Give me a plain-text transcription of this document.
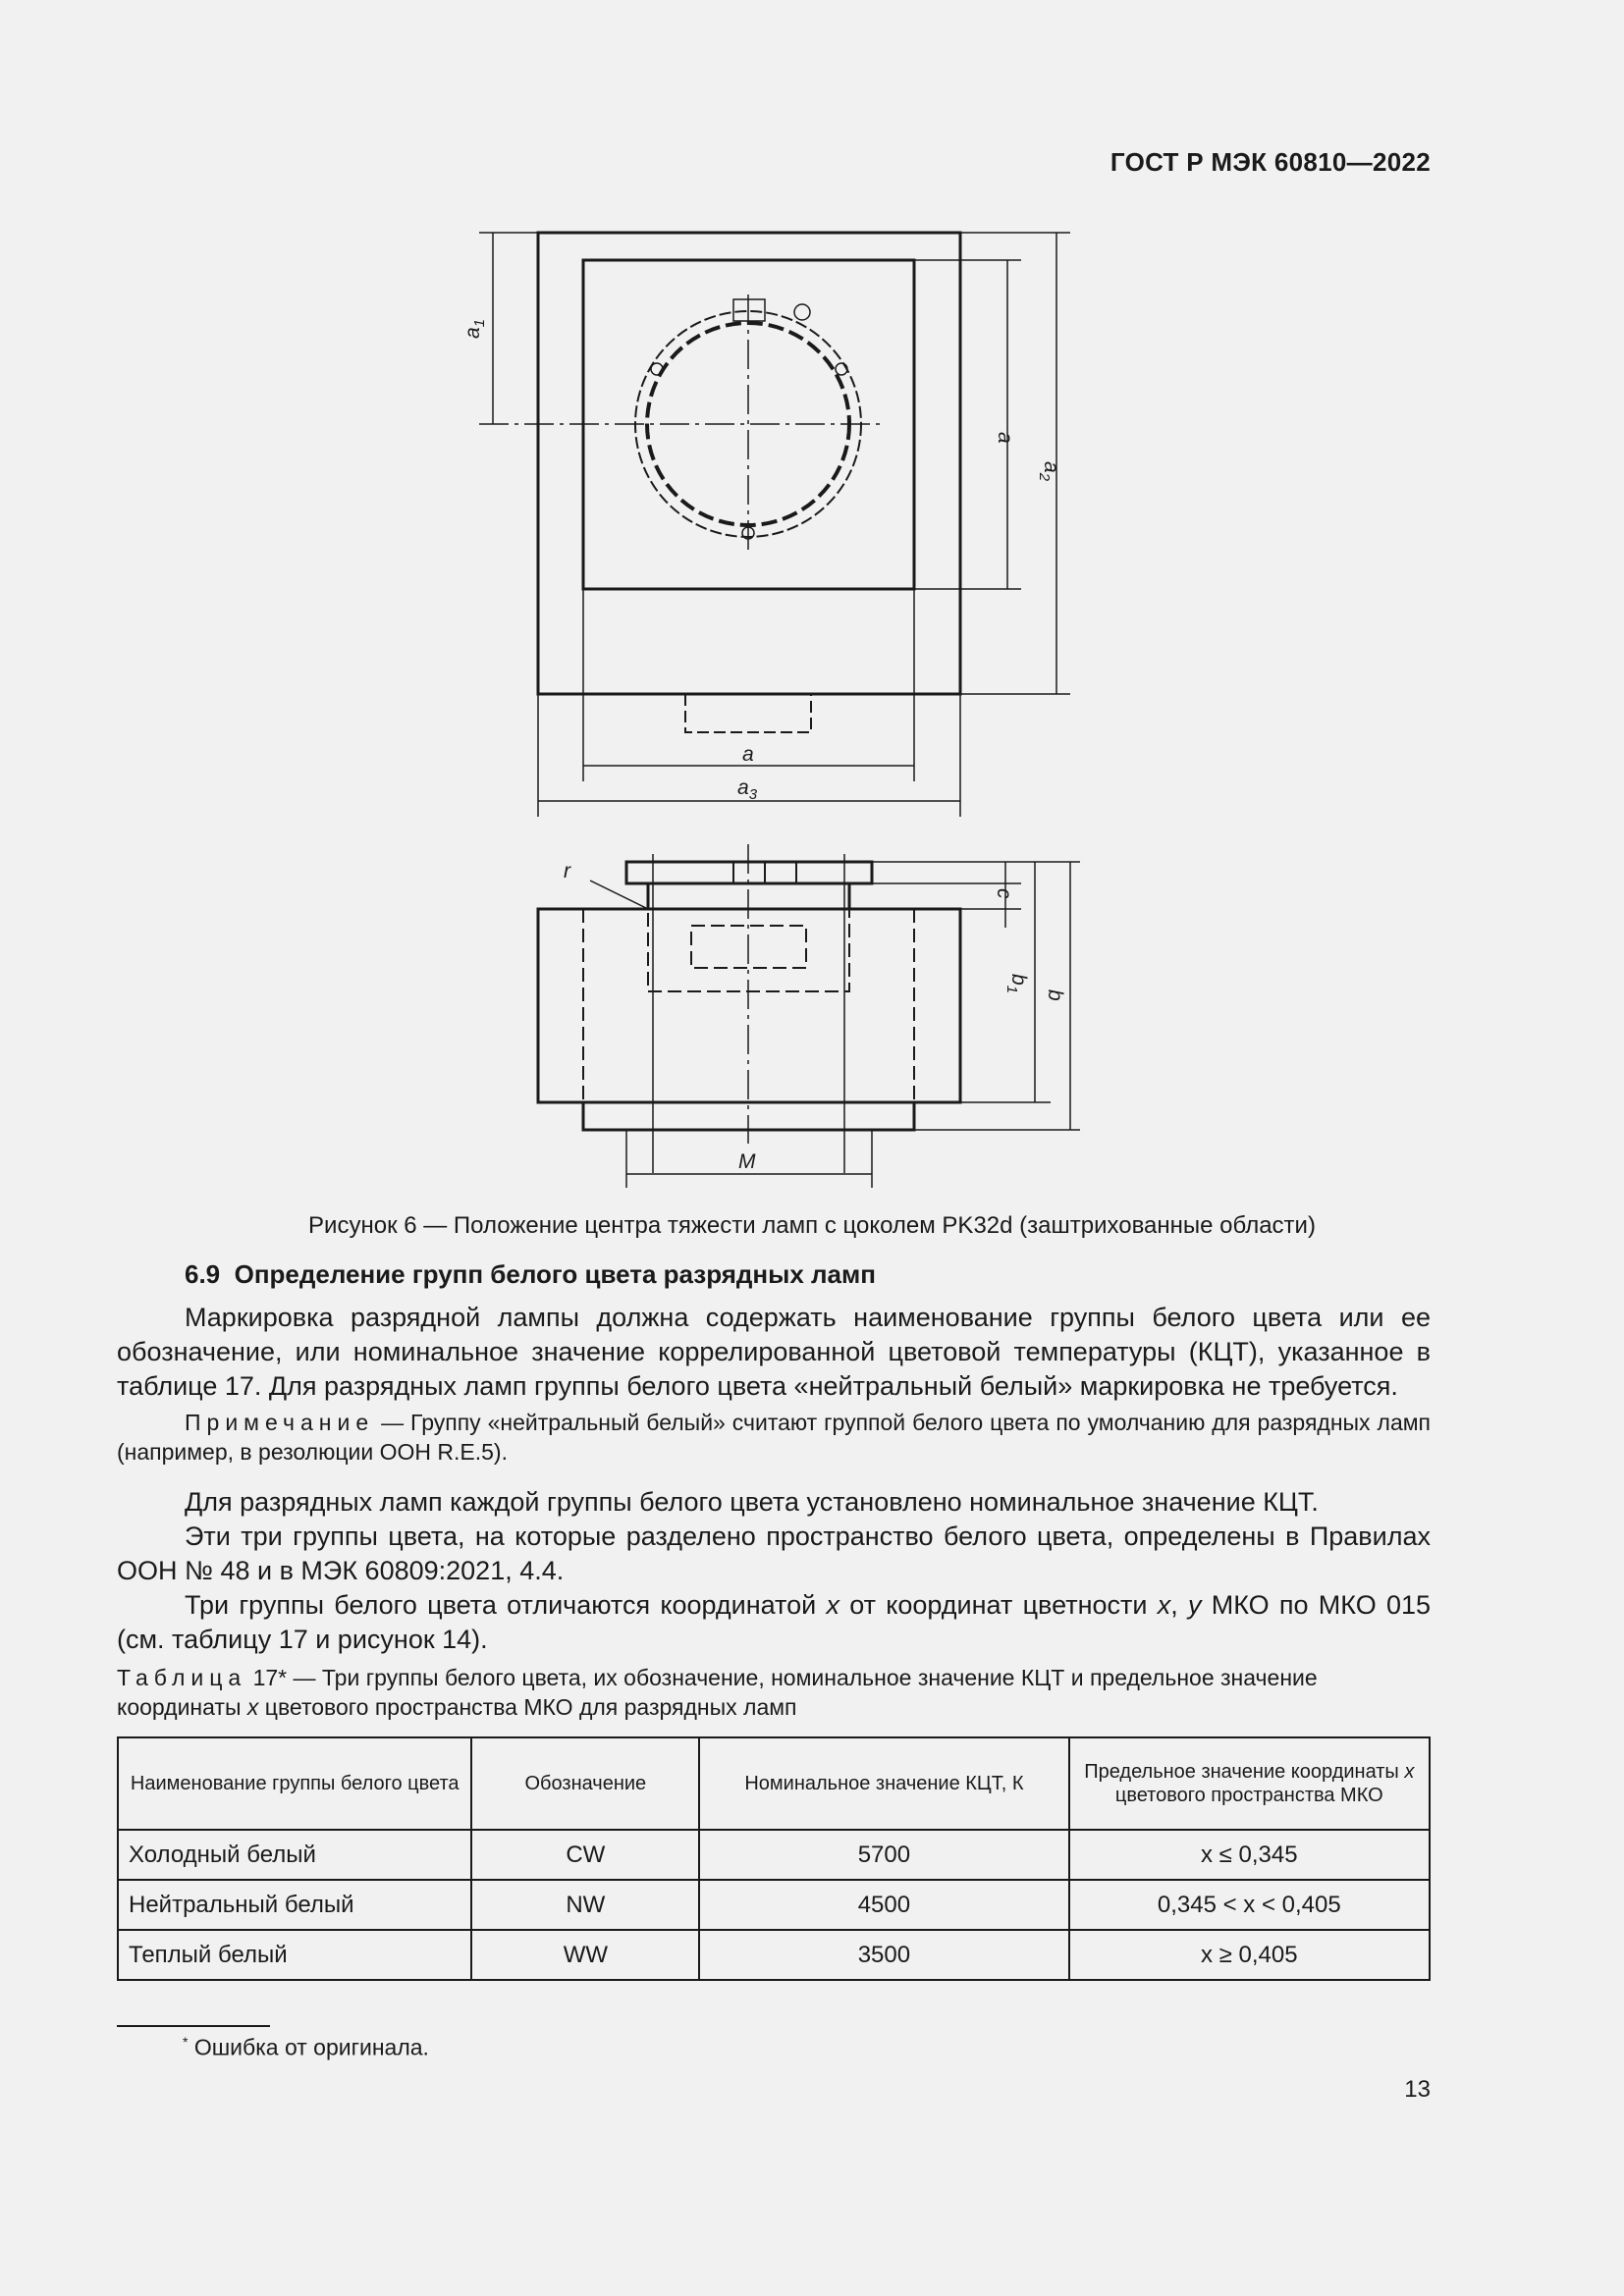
ГОСТ Р МЭК 60810—2022
$a_1$
a
$a_2$
a
$a_3$
r
c
$b_1$
b
M
Рисунок 6 — Положение центра тяжести ламп с цоколем PK32d (заштрихованные области)
6.9 Определение групп белого цвета разрядных ламп

Маркировка разрядной лампы должна содержать наименование группы белого цвета или ее обозначение, или номинальное значение коррелированной цветовой температуры (КЦТ), указанное в таблице 17. Для разрядных ламп группы белого цвета «нейтральный белый» маркировка не требуется.

Примечание — Группу «нейтральный белый» считают группой белого цвета по умолчанию для разрядных ламп (например, в резолюции ООН R.E.5).

Для разрядных ламп каждой группы белого цвета установлено номинальное значение КЦТ.

Эти три группы цвета, на которые разделено пространство белого цвета, определены в Правилах ООН № 48 и в МЭК 60809:2021, 4.4.

Три группы белого цвета отличаются координатой x от координат цветности x, y МКО по МКО 015 (см. таблицу 17 и рисунок 14).

Таблица 17* — Три группы белого цвета, их обозначение, номинальное значение КЦТ и предельное значение координаты x цветового пространства МКО для разрядных ламп
Наименование группы белого цвета	Обозначение	Номинальное значение КЦТ, К	Предельное значение координаты x цветового пространства МКО
Холодный белый	CW	5700	x ≤ 0,345
Нейтральный белый	NW	4500	0,345 < x < 0,405
Теплый белый	WW	3500	x ≥ 0,405
* Ошибка от оригинала.
13
